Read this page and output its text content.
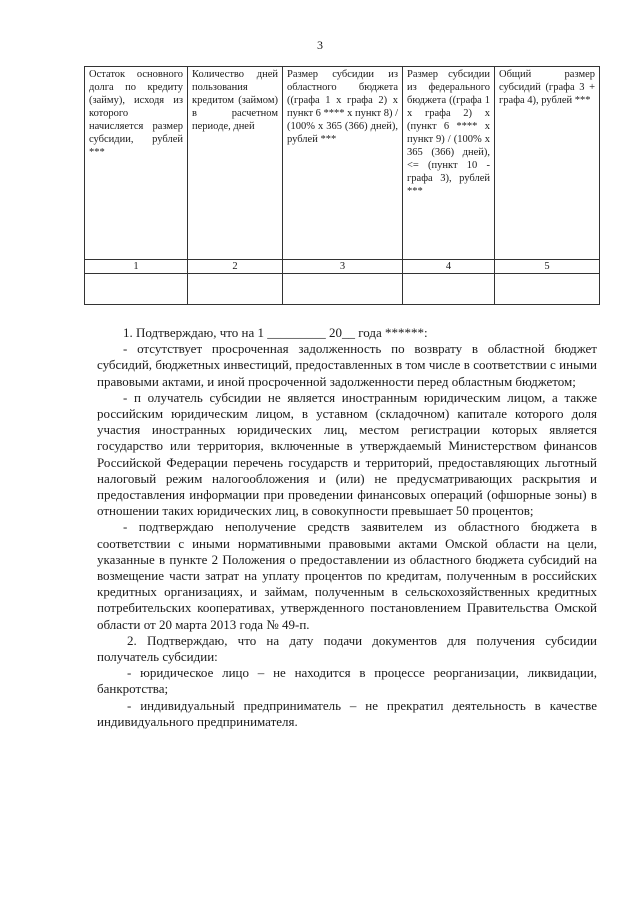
3
Остаток основного долга по кредиту (займу), исходя из которого начисляется размер субсидии, рублей ***	Количество дней пользования кредитом (займом) в расчетном периоде, дней	Размер субсидии из областного бюджета ((графа 1 х графа 2) х пункт 6 **** х пункт 8) / (100% х 365 (366) дней), рублей ***	Размер субсидии из федерального бюджета ((графа 1 х графа 2) х (пункт 6 **** х пункт 9) / (100% х 365 (366) дней), <= (пункт 10 - графа 3), рублей ***	Общий размер субсидий (графа 3 + графа 4), рублей ***
1	2	3	4	5

1. Подтверждаю, что на 1 _________ 20__ года ******:

- отсутствует просроченная задолженность по возврату в областной бюджет субсидий, бюджетных инвестиций, предоставленных в том числе в соответствии с иными правовыми актами, и иной просроченной задолженности перед областным бюджетом;

- п олучатель субсидии не является иностранным юридическим лицом, а также российским юридическим лицом, в уставном (складочном) капитале которого доля участия иностранных юридических лиц, местом регистрации которых является государство или территория, включенные в утверждаемый Министерством финансов Российской Федерации перечень государств и территорий, предоставляющих льготный налоговый режим налогообложения и (или) не предусматривающих раскрытия и предоставления информации при проведении финансовых операций (офшорные зоны) в отношении таких юридических лиц, в совокупности превышает 50 процентов;

- подтверждаю неполучение средств заявителем из областного бюджета в соответствии с иными нормативными правовыми актами Омской области на цели, указанные в пункте 2 Положения о предоставлении из областного бюджета субсидий на возмещение части затрат на уплату процентов по кредитам, полученным в российских кредитных организациях, и займам, полученным в сельскохозяйственных кредитных потребительских кооперативах, утвержденного постановлением Правительства Омской области от 20 марта 2013 года № 49-п.

2. Подтверждаю, что на дату подачи документов для получения субсидии получатель субсидии:

- юридическое лицо – не находится в процессе реорганизации, ликвидации, банкротства;

- индивидуальный предприниматель – не прекратил деятельность в качестве индивидуального предпринимателя.
